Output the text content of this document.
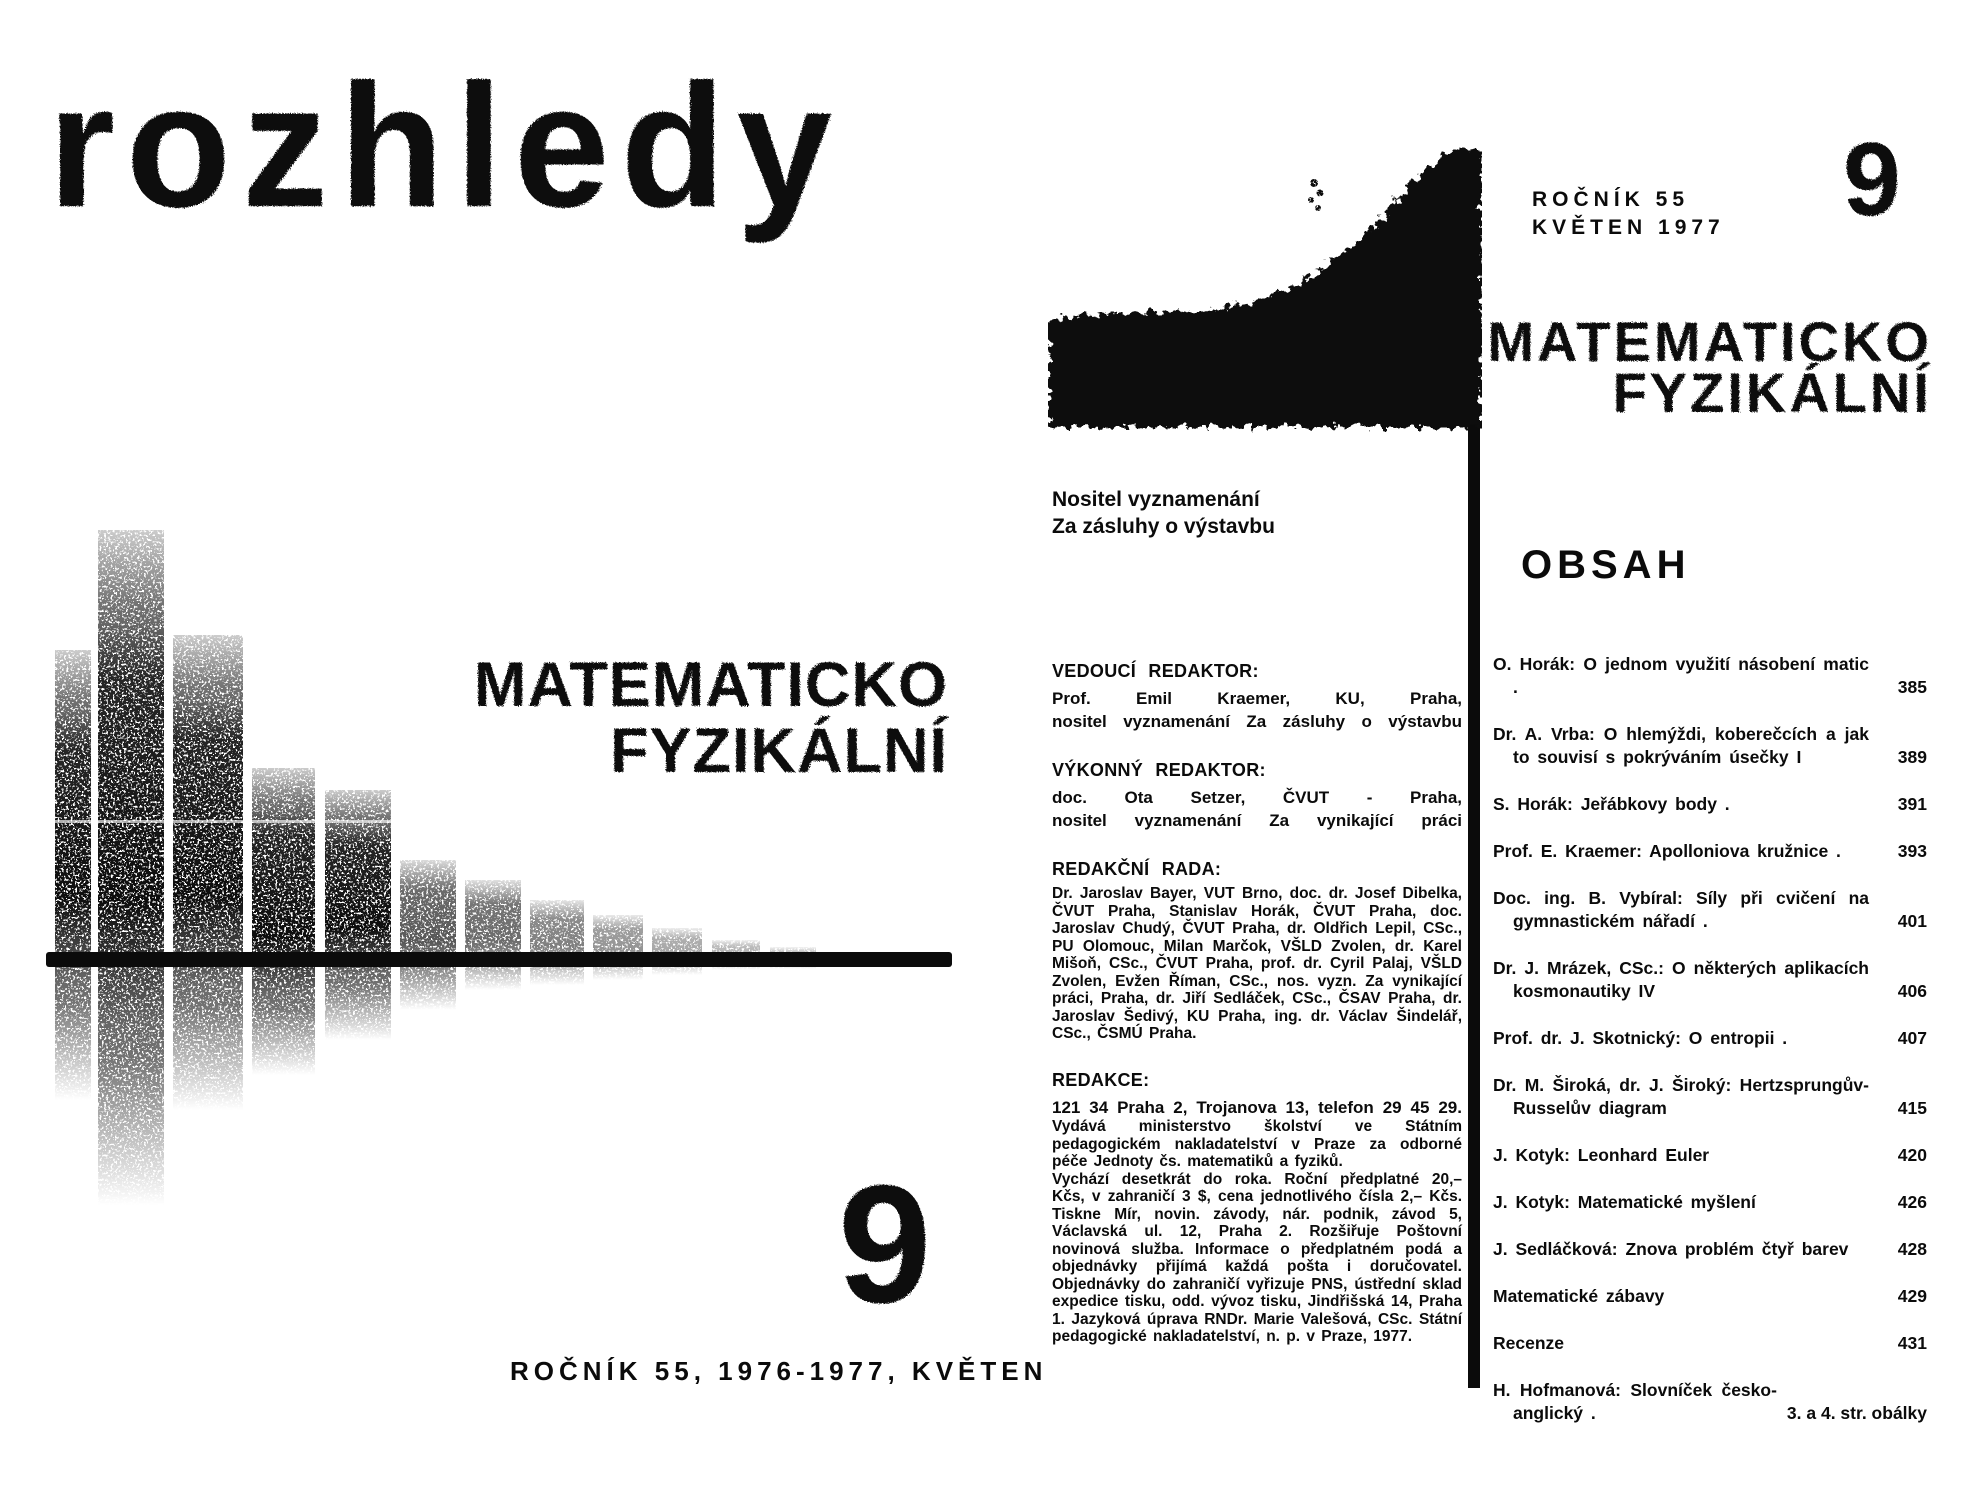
rozhledy
MATEMATICKO
FYZIKÁLNÍ
9
ROČNÍK 55, 1976-1977, KVĚTEN
Nositel vyznamenání
Za zásluhy o výstavbu
VEDOUCÍ REDAKTOR:

Prof. Emil Kraemer, KU, Praha,
nositel vyznamenání Za zásluhy o výstavbu

VÝKONNÝ REDAKTOR:

doc. Ota Setzer, ČVUT - Praha,
nositel vyznamenání Za vynikající práci

REDAKČNÍ RADA:

Dr. Jaroslav Bayer, VUT Brno, doc. dr. Josef Dibelka, ČVUT Praha, Stanislav Horák, ČVUT Praha, doc. Jaroslav Chudý, ČVUT Praha, dr. Oldřich Lepil, CSc., PU Olomouc, Milan Marčok, VŠLD Zvolen, dr. Karel Mišoň, CSc., ČVUT Praha, prof. dr. Cyril Palaj, VŠLD Zvolen, Evžen Říman, CSc., nos. vyzn. Za vynikající práci, Praha, dr. Jiří Sedláček, CSc., ČSAV Praha, dr. Jaroslav Šedivý, KU Praha, ing. dr. Václav Šindelář, CSc., ČSMÚ Praha.

REDAKCE:

121 34 Praha 2, Trojanova 13, telefon 29 45 29.

Vydává ministerstvo školství ve Státním pedagogickém nakladatelství v Praze za odborné péče Jednoty čs. matematiků a fyziků.

Vychází desetkrát do roka. Roční předplatné 20,– Kčs, v zahraničí 3 $, cena jednotlivého čísla 2,– Kčs. Tiskne Mír, novin. závody, nár. podnik, závod 5, Václavská ul. 12, Praha 2. Rozšiřuje Poštovní novinová služba. Informace o předplatném podá a objednávky přijímá každá pošta i doručovatel. Objednávky do zahraničí vyřizuje PNS, ústřední sklad expedice tisku, odd. vývoz tisku, Jindřišská 14, Praha 1. Jazyková úprava RNDr. Marie Valešová, CSc. Státní pedagogické nakladatelství, n. p. v Praze, 1977.

ROČNÍK 55
KVĚTEN 1977 9
MATEMATICKO
FYZIKÁLNÍ
OBSAH
O. Horák: O jednom využití násobení matic .	385
Dr. A. Vrba: O hlemýždi, koberečcích a jak to souvisí s pokrýváním úsečky I	389
S. Horák: Jeřábkovy body .	391
Prof. E. Kraemer: Apolloniova kružnice .	393
Doc. ing. B. Vybíral: Síly při cvičení na gymnastickém nářadí .	401
Dr. J. Mrázek, CSc.: O některých aplikacích kosmonautiky IV	406
Prof. dr. J. Skotnický: O entropii .	407
Dr. M. Široká, dr. J. Široký: Hertzsprungův-Russelův diagram	415
J. Kotyk: Leonhard Euler	420
J. Kotyk: Matematické myšlení	426
J. Sedláčková: Znova problém čtyř barev	428
Matematické zábavy	429
Recenze	431
H. Hofmanová: Slovníček česko-anglický .	3. a 4. str. obálky
